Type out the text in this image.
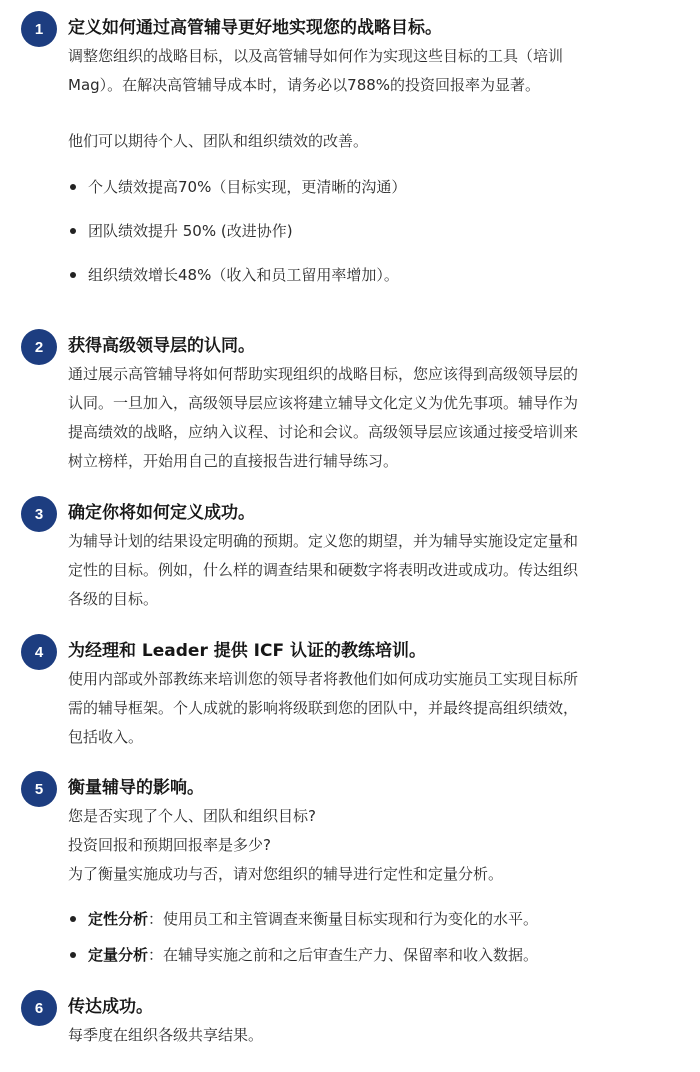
1	定义如何通过高管辅导更好地实现您的战略目标。
调整您组织的战略目标，以及高管辅导如何作为实现这些目标的工具（培训
Mag）。在解决高管辅导成本时，请务必以788%的投资回报率为显著。
他们可以期待个人、团队和组织绩效的改善。
个人绩效提高70%（目标实现，更清晰的沟通）
团队绩效提升 50% (改进协作)
组织绩效增长48%（收入和员工留用率增加）。
2	获得高级领导层的认同。
通过展示高管辅导将如何帮助实现组织的战略目标，您应该得到高级领导层的
认同。一旦加入，高级领导层应该将建立辅导文化定义为优先事项。辅导作为
提高绩效的战略，应纳入议程、讨论和会议。高级领导层应该通过接受培训来
树立榜样，开始用自己的直接报告进行辅导练习。
3	确定你将如何定义成功。
为辅导计划的结果设定明确的预期。定义您的期望，并为辅导实施设定定量和
定性的目标。例如，什么样的调查结果和硬数字将表明改进或成功。传达组织
各级的目标。
4	为经理和 Leader 提供 ICF 认证的教练培训。
使用内部或外部教练来培训您的领导者将教他们如何成功实施员工实现目标所
需的辅导框架。个人成就的影响将级联到您的团队中，并最终提高组织绩效，
包括收入。
5	衡量辅导的影响。
您是否实现了个人、团队和组织目标?
投资回报和预期回报率是多少?
为了衡量实施成功与否，请对您组织的辅导进行定性和定量分析。
定性分析：使用员工和主管调查来衡量目标实现和行为变化的水平。
定量分析：在辅导实施之前和之后审查生产力、保留率和收入数据。
6	传达成功。
每季度在组织各级共享结果。
